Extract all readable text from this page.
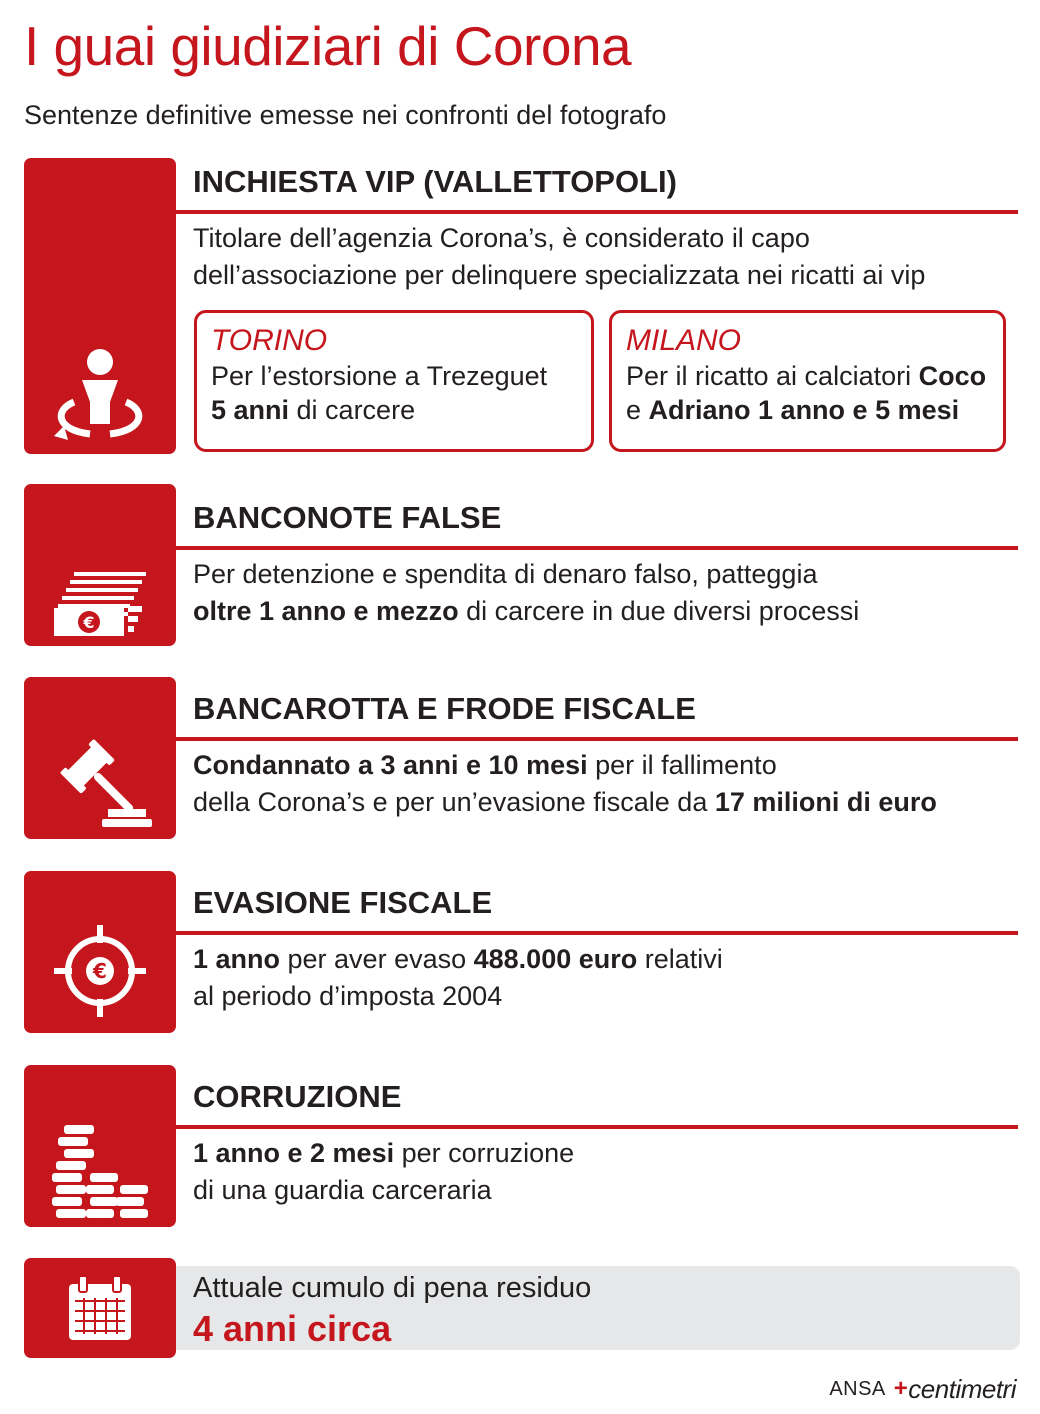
I guai giudiziari di Corona
Sentenze definitive emesse nei confronti del fotografo
INCHIESTA VIP (VALLETTOPOLI)
Titolare dell’agenzia Corona’s, è considerato il capo
dell’associazione per delinquere specializzata nei ricatti ai vip
TORINO
Per l’estorsione a Trezeguet
5 anni di carcere
MILANO
Per il ricatto ai calciatori Coco
e Adriano 1 anno e 5 mesi
€
BANCONOTE FALSE
Per detenzione e spendita di denaro falso, patteggia
oltre 1 anno e mezzo di carcere in due diversi processi
BANCAROTTA E FRODE FISCALE
Condannato a 3 anni e 10 mesi per il fallimento
della Corona’s e per un’evasione fiscale da 17 milioni di euro
€
EVASIONE FISCALE
1 anno per aver evaso 488.000 euro relativi
al periodo d’imposta 2004
CORRUZIONE
1 anno e 2 mesi per corruzione
di una guardia carceraria
Attuale cumulo di pena residuo
4 anni circa
ANSA + centimetri
